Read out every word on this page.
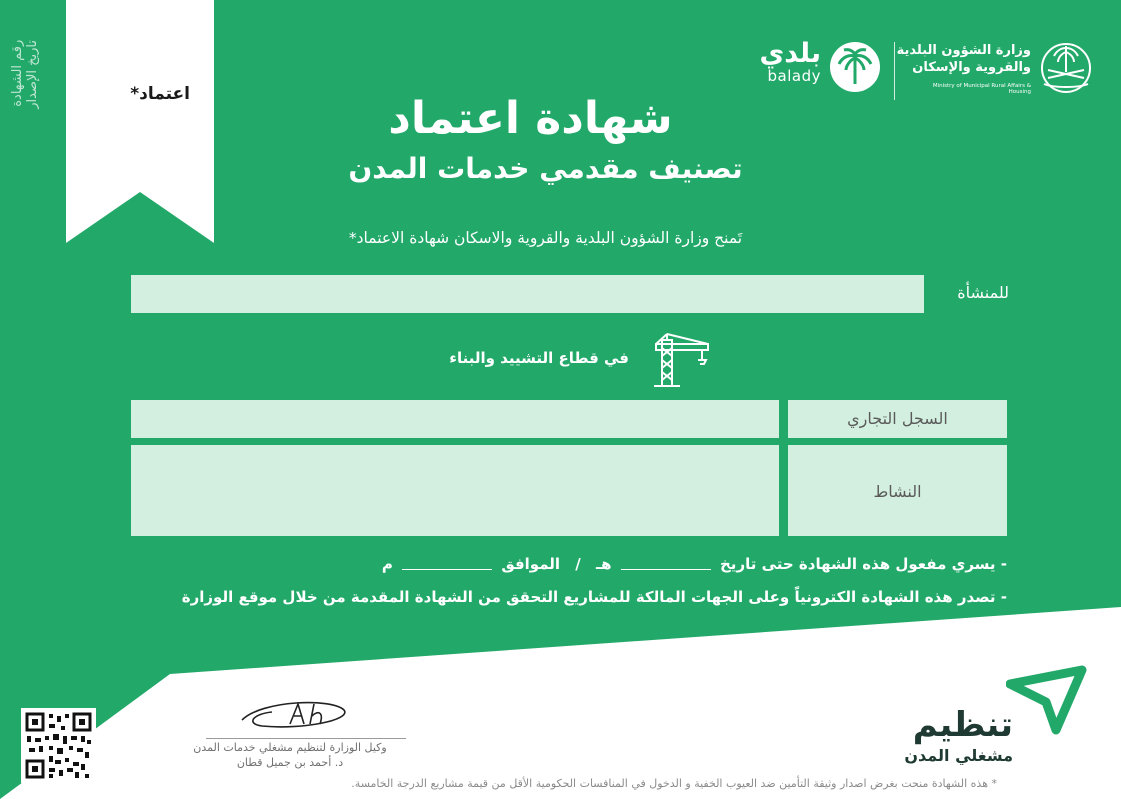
رقم الشهادة تاريخ الإصدار	اعتماد*
وزارة الشؤون البلدية
والقروية والإسكان
Ministry of Municipal Rural Affairs & Housing
بلدي
balady
شهادة اعتماد
تصنيف مقدمي خدمات المدن
تَمنح وزارة الشؤون البلدية والقروية والاسكان شهادة الاعتماد*
للمنشأة
في قطاع التشييد والبناء
السجل التجاري
النشاط
- يسري مفعول هذه الشهادة حتى تاريخ  هـ / الموافق  م
- تصدر هذه الشهادة الكترونياً وعلى الجهات المالكة للمشاريع التحقق من الشهادة المقدمة من خلال موقع الوزارة
تنظيم
مشغلي المدن
وكيل الوزارة لتنظيم مشغلي خدمات المدن
د. أحمد بن جميل قطان
* هذه الشهادة منحت بغرض اصدار وثيقة التأمين ضد العيوب الخفية و الدخول في المنافسات الحكومية الأقل من قيمة مشاريع الدرجة الخامسة.
